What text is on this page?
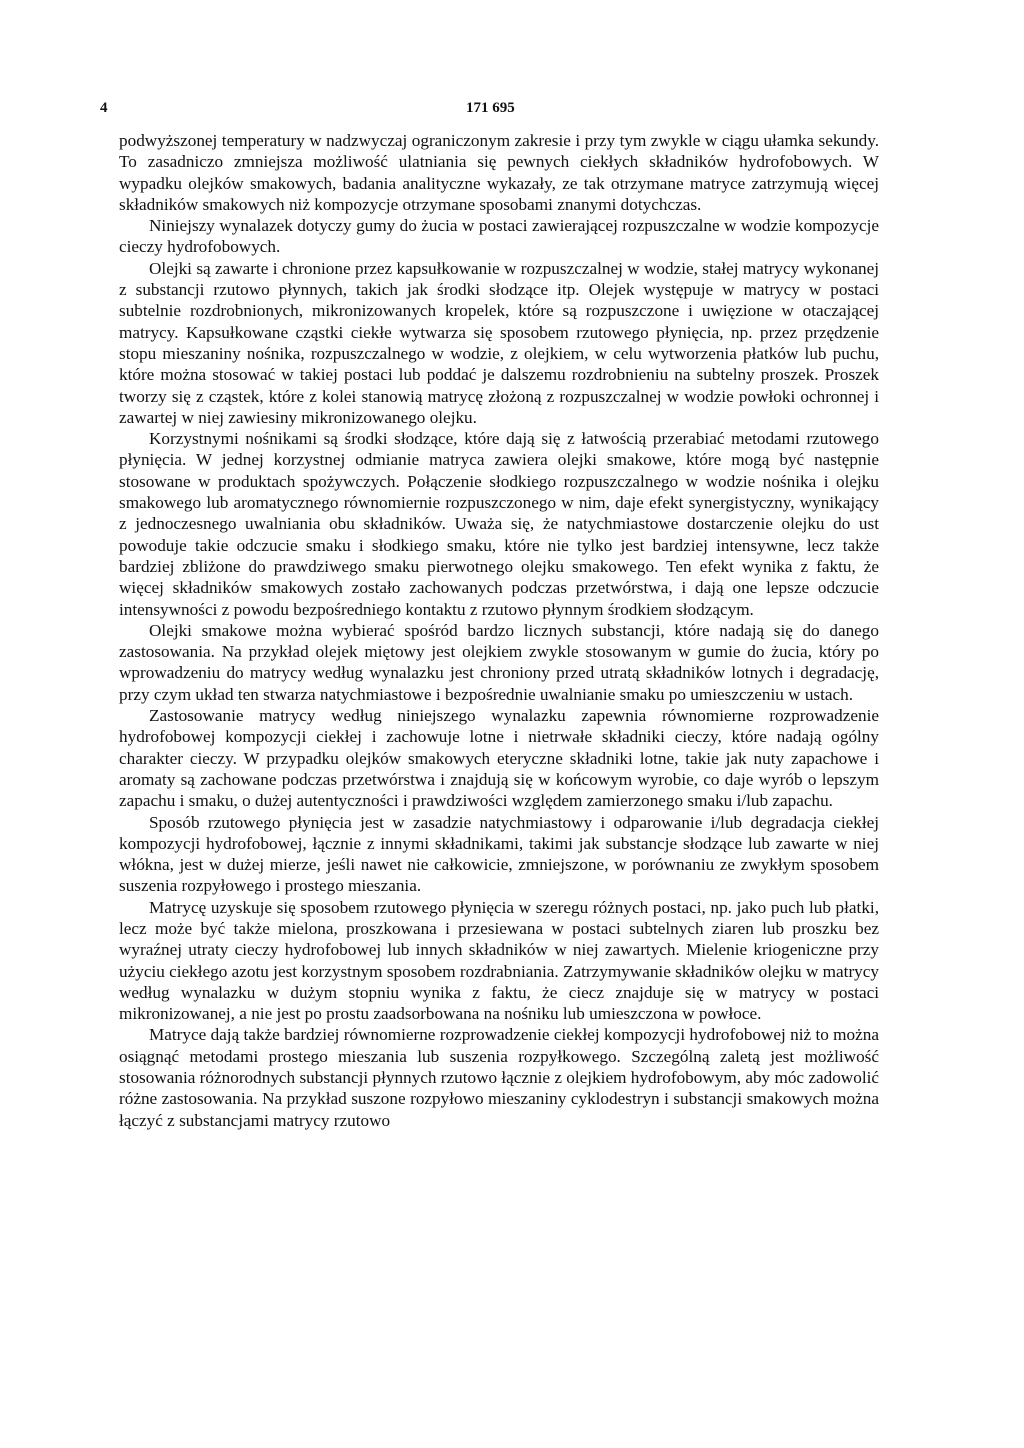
4	171 695

podwyższonej temperatury w nadzwyczaj ograniczonym zakresie i przy tym zwykle w ciągu ułamka sekundy. To zasadniczo zmniejsza możliwość ulatniania się pewnych ciekłych składników hydrofobowych. W wypadku olejków smakowych, badania analityczne wykazały, ze tak otrzymane matryce zatrzymują więcej składników smakowych niż kompozycje otrzymane sposobami znanymi dotychczas.

Niniejszy wynalazek dotyczy gumy do żucia w postaci zawierającej rozpuszczalne w wodzie kompozycje cieczy hydrofobowych.

Olejki są zawarte i chronione przez kapsułkowanie w rozpuszczalnej w wodzie, stałej matrycy wykonanej z substancji rzutowo płynnych, takich jak środki słodzące itp. Olejek występuje w matrycy w postaci subtelnie rozdrobnionych, mikronizowanych kropelek, które są rozpuszczone i uwięzione w otaczającej matrycy. Kapsułkowane cząstki ciekłe wytwarza się sposobem rzutowego płynięcia, np. przez przędzenie stopu mieszaniny nośnika, rozpuszczalnego w wodzie, z olejkiem, w celu wytworzenia płatków lub puchu, które można stosować w takiej postaci lub poddać je dalszemu rozdrobnieniu na subtelny proszek. Proszek tworzy się z cząstek, które z kolei stanowią matrycę złożoną z rozpuszczalnej w wodzie powłoki ochronnej i zawartej w niej zawiesiny mikronizowanego olejku.

Korzystnymi nośnikami są środki słodzące, które dają się z łatwością przerabiać metodami rzutowego płynięcia. W jednej korzystnej odmianie matryca zawiera olejki smakowe, które mogą być następnie stosowane w produktach spożywczych. Połączenie słodkiego rozpuszczalnego w wodzie nośnika i olejku smakowego lub aromatycznego równomiernie rozpuszczonego w nim, daje efekt synergistyczny, wynikający z jednoczesnego uwalniania obu składników. Uważa się, że natychmiastowe dostarczenie olejku do ust powoduje takie odczucie smaku i słodkiego smaku, które nie tylko jest bardziej intensywne, lecz także bardziej zbliżone do prawdziwego smaku pierwotnego olejku smakowego. Ten efekt wynika z faktu, że więcej składników smakowych zostało zachowanych podczas przetwórstwa, i dają one lepsze odczucie intensywności z powodu bezpośredniego kontaktu z rzutowo płynnym środkiem słodzącym.

Olejki smakowe można wybierać spośród bardzo licznych substancji, które nadają się do danego zastosowania. Na przykład olejek miętowy jest olejkiem zwykle stosowanym w gumie do żucia, który po wprowadzeniu do matrycy według wynalazku jest chroniony przed utratą składników lotnych i degradację, przy czym układ ten stwarza natychmiastowe i bezpośrednie uwalnianie smaku po umieszczeniu w ustach.

Zastosowanie matrycy według niniejszego wynalazku zapewnia równomierne rozprowadzenie hydrofobowej kompozycji ciekłej i zachowuje lotne i nietrwałe składniki cieczy, które nadają ogólny charakter cieczy. W przypadku olejków smakowych eteryczne składniki lotne, takie jak nuty zapachowe i aromaty są zachowane podczas przetwórstwa i znajdują się w końcowym wyrobie, co daje wyrób o lepszym zapachu i smaku, o dużej autentyczności i prawdziwości względem zamierzonego smaku i/lub zapachu.

Sposób rzutowego płynięcia jest w zasadzie natychmiastowy i odparowanie i/lub degradacja ciekłej kompozycji hydrofobowej, łącznie z innymi składnikami, takimi jak substancje słodzące lub zawarte w niej włókna, jest w dużej mierze, jeśli nawet nie całkowicie, zmniejszone, w porównaniu ze zwykłym sposobem suszenia rozpyłowego i prostego mieszania.

Matrycę uzyskuje się sposobem rzutowego płynięcia w szeregu różnych postaci, np. jako puch lub płatki, lecz może być także mielona, proszkowana i przesiewana w postaci subtelnych ziaren lub proszku bez wyraźnej utraty cieczy hydrofobowej lub innych składników w niej zawartych. Mielenie kriogeniczne przy użyciu ciekłego azotu jest korzystnym sposobem rozdrabniania. Zatrzymywanie składników olejku w matrycy według wynalazku w dużym stopniu wynika z faktu, że ciecz znajduje się w matrycy w postaci mikronizowanej, a nie jest po prostu zaadsorbowana na nośniku lub umieszczona w powłoce.

Matryce dają także bardziej równomierne rozprowadzenie ciekłej kompozycji hydrofobowej niż to można osiągnąć metodami prostego mieszania lub suszenia rozpyłkowego. Szczególną zaletą jest możliwość stosowania różnorodnych substancji płynnych rzutowo łącznie z olejkiem hydrofobowym, aby móc zadowolić różne zastosowania. Na przykład suszone rozpyłowo mieszaniny cyklodestryn i substancji smakowych można łączyć z substancjami matrycy rzutowo
